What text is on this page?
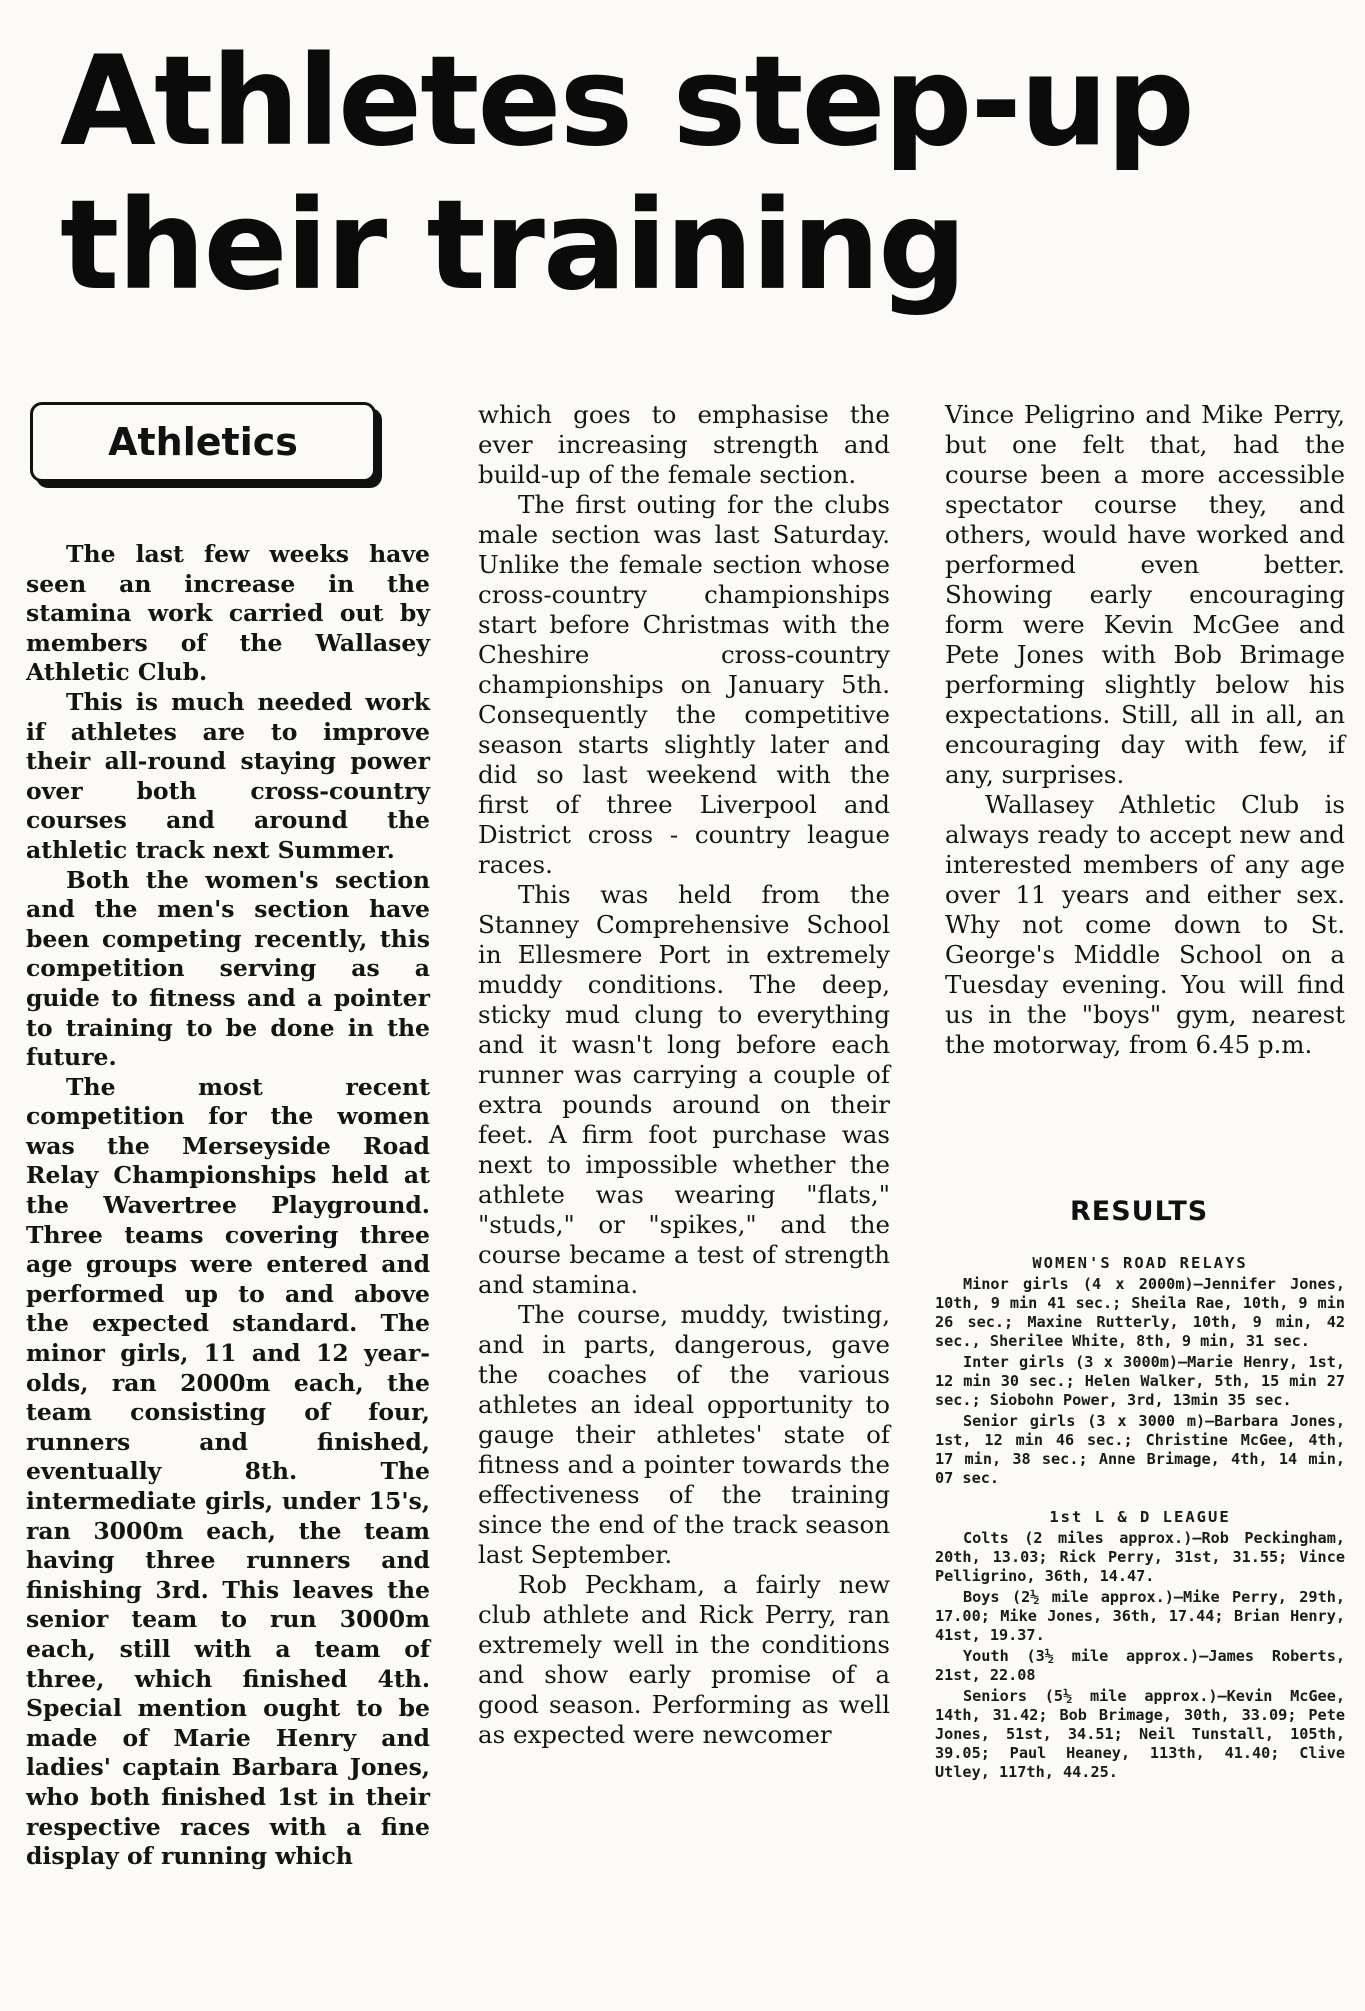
Athletes step-up
their training
Athletics

The last few weeks have seen an increase in the stamina work carried out by members of the Wallasey Athletic Club.

This is much needed work if athletes are to improve their all-round staying power over both cross-country courses and around the athletic track next Summer.

Both the women's section and the men's section have been competing recently, this competition serving as a guide to fitness and a pointer to training to be done in the future.

The most recent competition for the women was the Merseyside Road Relay Championships held at the Wavertree Playground. Three teams covering three age groups were entered and performed up to and above the expected standard. The minor girls, 11 and 12 year-olds, ran 2000m each, the team consisting of four, runners and finished, eventually 8th. The intermediate girls, under 15's, ran 3000m each, the team having three runners and finishing 3rd. This leaves the senior team to run 3000m each, still with a team of three, which finished 4th. Special mention ought to be made of Marie Henry and ladies' captain Barbara Jones, who both finished 1st in their respective races with a fine display of running which

which goes to emphasise the ever increasing strength and build-up of the female section.

The first outing for the clubs male section was last Saturday. Unlike the female section whose cross-country championships start before Christmas with the Cheshire cross-country championships on January 5th. Consequently the competitive season starts slightly later and did so last weekend with the first of three Liverpool and District cross - country league races.

This was held from the Stanney Comprehensive School in Ellesmere Port in extremely muddy conditions. The deep, sticky mud clung to everything and it wasn't long before each runner was carrying a couple of extra pounds around on their feet. A firm foot purchase was next to impossible whether the athlete was wearing "flats," "studs," or "spikes," and the course became a test of strength and stamina.

The course, muddy, twisting, and in parts, dangerous, gave the coaches of the various athletes an ideal opportunity to gauge their athletes' state of fitness and a pointer towards the effectiveness of the training since the end of the track season last September.

Rob Peckham, a fairly new club athlete and Rick Perry, ran extremely well in the conditions and show early promise of a good season. Performing as well as expected were newcomer

Vince Peligrino and Mike Perry, but one felt that, had the course been a more accessible spectator course they, and others, would have worked and performed even better. Showing early encouraging form were Kevin McGee and Pete Jones with Bob Brimage performing slightly below his expectations. Still, all in all, an encouraging day with few, if any, surprises.

Wallasey Athletic Club is always ready to accept new and interested members of any age over 11 years and either sex. Why not come down to St. George's Middle School on a Tuesday evening. You will find us in the "boys" gym, nearest the motorway, from 6.45 p.m.

RESULTS
WOMEN'S ROAD RELAYS

Minor girls (4 x 2000m)—Jennifer Jones, 10th, 9 min 41 sec.; Sheila Rae, 10th, 9 min 26 sec.; Maxine Rutterly, 10th, 9 min, 42 sec., Sherilee White, 8th, 9 min, 31 sec.

Inter girls (3 x 3000m)—Marie Henry, 1st, 12 min 30 sec.; Helen Walker, 5th, 15 min 27 sec.; Siobohn Power, 3rd, 13min 35 sec.

Senior girls (3 x 3000 m)—Barbara Jones, 1st, 12 min 46 sec.; Christine McGee, 4th, 17 min, 38 sec.; Anne Brimage, 4th, 14 min, 07 sec.

1st L & D LEAGUE

Colts (2 miles approx.)—Rob Peckingham, 20th, 13.03; Rick Perry, 31st, 31.55; Vince Pelligrino, 36th, 14.47.

Boys (2½ mile approx.)—Mike Perry, 29th, 17.00; Mike Jones, 36th, 17.44; Brian Henry, 41st, 19.37.

Youth (3½ mile approx.)—James Roberts, 21st, 22.08

Seniors (5½ mile approx.)—Kevin McGee, 14th, 31.42; Bob Brimage, 30th, 33.09; Pete Jones, 51st, 34.51; Neil Tunstall, 105th, 39.05; Paul Heaney, 113th, 41.40; Clive Utley, 117th, 44.25.
